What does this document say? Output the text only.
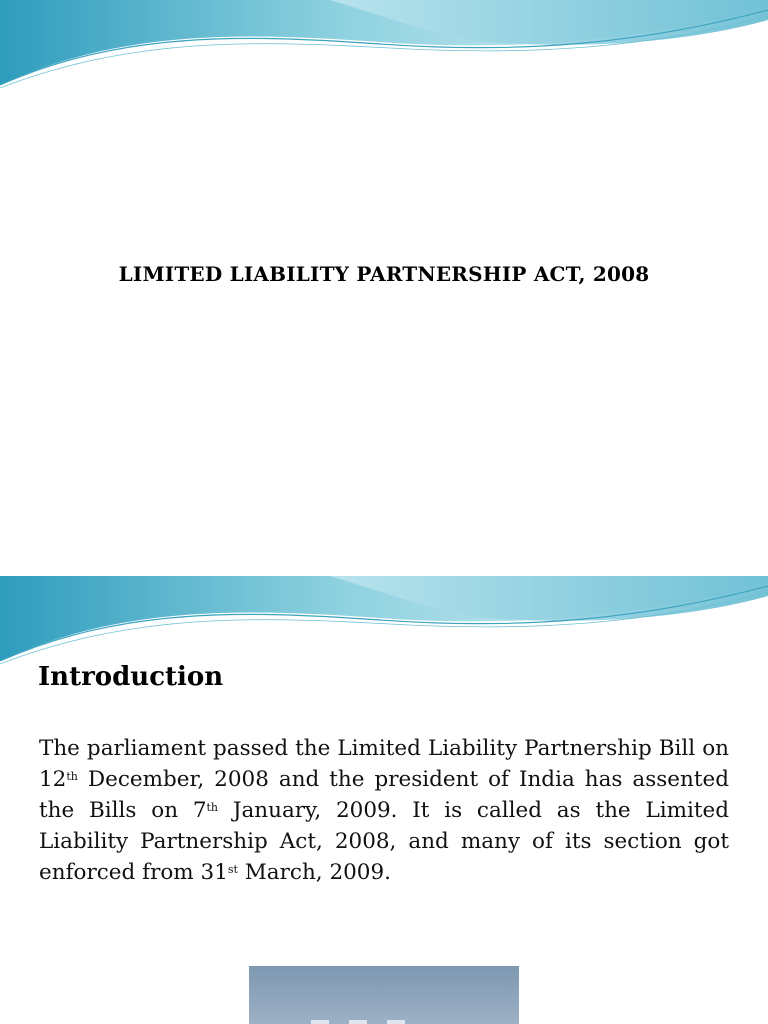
LIMITED LIABILITY PARTNERSHIP ACT, 2008
Introduction
The parliament passed the Limited Liability Partnership Bill on 12th December, 2008 and the president of India has assented the Bills on 7th January, 2009. It is called as the Limited Liability Partnership Act, 2008, and many of its section got enforced from 31st March, 2009.
